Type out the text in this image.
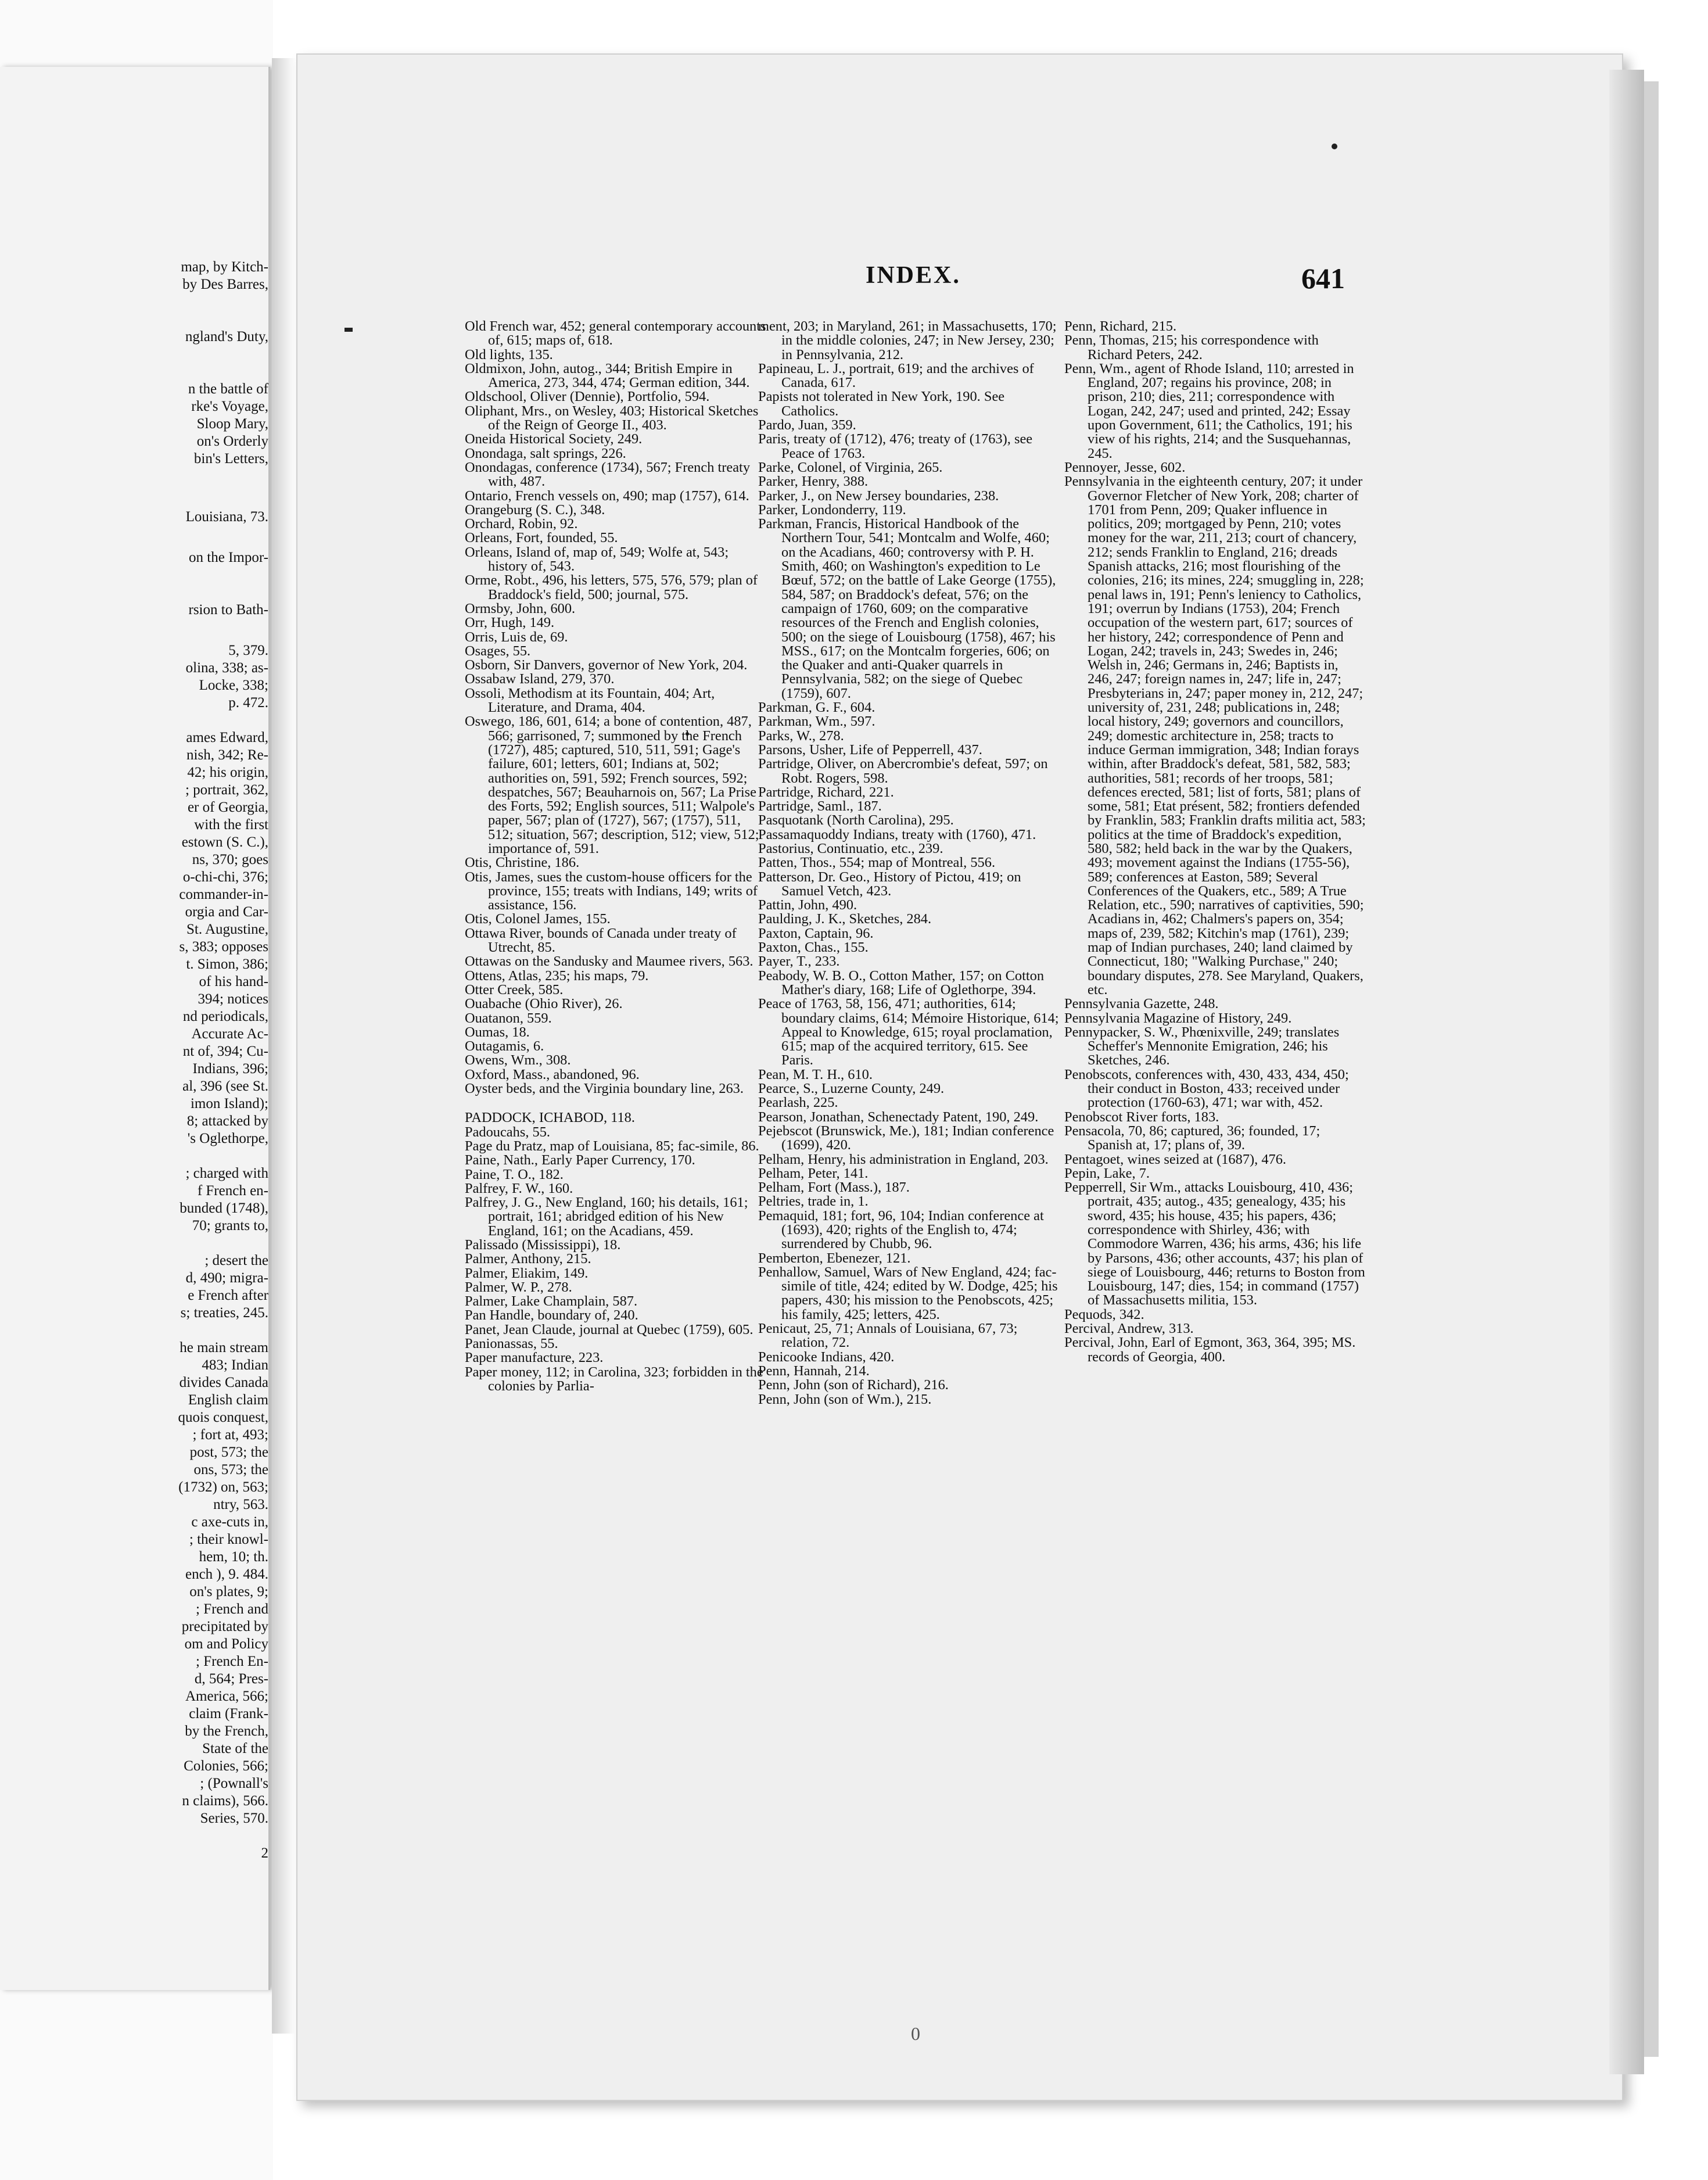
map, by Kitch-
by Des Barres,
ngland's Duty,
n the battle of
rke's Voyage,
Sloop Mary,
on's Orderly
bin's Letters,
Louisiana, 73.
on the Impor-
rsion to Bath-
5, 379.
olina, 338; as-
Locke, 338;
p. 472.
ames Edward,
nish, 342; Re-
42; his origin,
; portrait, 362,
er of Georgia,
with the first
estown (S. C.),
ns, 370; goes
o-chi-chi, 376;
commander-in-
orgia and Car-
St. Augustine,
s, 383; opposes
t. Simon, 386;
of his hand-
394; notices
nd periodicals,
Accurate Ac-
nt of, 394; Cu-
Indians, 396;
al, 396 (see St.
imon Island);
8; attacked by
's Oglethorpe,
; charged with
f French en-
bunded (1748),
70; grants to,
; desert the
d, 490; migra-
e French after
s; treaties, 245.
he main stream
483; Indian
divides Canada
English claim
quois conquest,
; fort at, 493;
post, 573; the
ons, 573; the
(1732) on, 563;
ntry, 563.
c axe-cuts in,
; their knowl-
hem, 10; th.
ench ), 9. 484.
on's plates, 9;
; French and
precipitated by
om and Policy
; French En-
d, 564; Pres-
America, 566;
claim (Frank-
by the French,
State of the
Colonies, 566;
; (Pownall's
n claims), 566.
Series, 570.
2
INDEX.	641
Old French war, 452; general contemporary accounts of, 615; maps of, 618.
Old lights, 135.
Oldmixon, John, autog., 344; British Empire in America, 273, 344, 474; German edition, 344.
Oldschool, Oliver (Dennie), Portfolio, 594.
Oliphant, Mrs., on Wesley, 403; Historical Sketches of the Reign of George II., 403.
Oneida Historical Society, 249.
Onondaga, salt springs, 226.
Onondagas, conference (1734), 567; French treaty with, 487.
Ontario, French vessels on, 490; map (1757), 614.
Orangeburg (S. C.), 348.
Orchard, Robin, 92.
Orleans, Fort, founded, 55.
Orleans, Island of, map of, 549; Wolfe at, 543; history of, 543.
Orme, Robt., 496, his letters, 575, 576, 579; plan of Braddock's field, 500; journal, 575.
Ormsby, John, 600.
Orr, Hugh, 149.
Orris, Luis de, 69.
Osages, 55.
Osborn, Sir Danvers, governor of New York, 204.
Ossabaw Island, 279, 370.
Ossoli, Methodism at its Fountain, 404; Art, Literature, and Drama, 404.
Oswego, 186, 601, 614; a bone of contention, 487, 566; garrisoned, 7; summoned by the French (1727), 485; captured, 510, 511, 591; Gage's failure, 601; letters, 601; Indians at, 502; authorities on, 591, 592; French sources, 592; despatches, 567; Beauharnois on, 567; La Prise des Forts, 592; English sources, 511; Walpole's paper, 567; plan of (1727), 567; (1757), 511, 512; situation, 567; description, 512; view, 512; importance of, 591.
Otis, Christine, 186.
Otis, James, sues the custom-house officers for the province, 155; treats with Indians, 149; writs of assistance, 156.
Otis, Colonel James, 155.
Ottawa River, bounds of Canada under treaty of Utrecht, 85.
Ottawas on the Sandusky and Maumee rivers, 563.
Ottens, Atlas, 235; his maps, 79.
Otter Creek, 585.
Ouabache (Ohio River), 26.
Ouatanon, 559.
Oumas, 18.
Outagamis, 6.
Owens, Wm., 308.
Oxford, Mass., abandoned, 96.
Oyster beds, and the Virginia boundary line, 263.
PADDOCK, ICHABOD, 118.
Padoucahs, 55.
Page du Pratz, map of Louisiana, 85; fac-simile, 86.
Paine, Nath., Early Paper Currency, 170.
Paine, T. O., 182.
Palfrey, F. W., 160.
Palfrey, J. G., New England, 160; his details, 161; portrait, 161; abridged edition of his New England, 161; on the Acadians, 459.
Palissado (Mississippi), 18.
Palmer, Anthony, 215.
Palmer, Eliakim, 149.
Palmer, W. P., 278.
Palmer, Lake Champlain, 587.
Pan Handle, boundary of, 240.
Panet, Jean Claude, journal at Quebec (1759), 605.
Panionassas, 55.
Paper manufacture, 223.
Paper money, 112; in Carolina, 323; forbidden in the colonies by Parlia-
ment, 203; in Maryland, 261; in Massachusetts, 170; in the middle colonies, 247; in New Jersey, 230; in Pennsylvania, 212.
Papineau, L. J., portrait, 619; and the archives of Canada, 617.
Papists not tolerated in New York, 190. See Catholics.
Pardo, Juan, 359.
Paris, treaty of (1712), 476; treaty of (1763), see Peace of 1763.
Parke, Colonel, of Virginia, 265.
Parker, Henry, 388.
Parker, J., on New Jersey boundaries, 238.
Parker, Londonderry, 119.
Parkman, Francis, Historical Handbook of the Northern Tour, 541; Montcalm and Wolfe, 460; on the Acadians, 460; controversy with P. H. Smith, 460; on Washington's expedition to Le Bœuf, 572; on the battle of Lake George (1755), 584, 587; on Braddock's defeat, 576; on the campaign of 1760, 609; on the comparative resources of the French and English colonies, 500; on the siege of Louisbourg (1758), 467; his MSS., 617; on the Montcalm forgeries, 606; on the Quaker and anti-Quaker quarrels in Pennsylvania, 582; on the siege of Quebec (1759), 607.
Parkman, G. F., 604.
Parkman, Wm., 597.
Parks, W., 278.
Parsons, Usher, Life of Pepperrell, 437.
Partridge, Oliver, on Abercrombie's defeat, 597; on Robt. Rogers, 598.
Partridge, Richard, 221.
Partridge, Saml., 187.
Pasquotank (North Carolina), 295.
Passamaquoddy Indians, treaty with (1760), 471.
Pastorius, Continuatio, etc., 239.
Patten, Thos., 554; map of Montreal, 556.
Patterson, Dr. Geo., History of Pictou, 419; on Samuel Vetch, 423.
Pattin, John, 490.
Paulding, J. K., Sketches, 284.
Paxton, Captain, 96.
Paxton, Chas., 155.
Payer, T., 233.
Peabody, W. B. O., Cotton Mather, 157; on Cotton Mather's diary, 168; Life of Oglethorpe, 394.
Peace of 1763, 58, 156, 471; authorities, 614; boundary claims, 614; Mémoire Historique, 614; Appeal to Knowledge, 615; royal proclamation, 615; map of the acquired territory, 615. See Paris.
Pean, M. T. H., 610.
Pearce, S., Luzerne County, 249.
Pearlash, 225.
Pearson, Jonathan, Schenectady Patent, 190, 249.
Pejebscot (Brunswick, Me.), 181; Indian conference (1699), 420.
Pelham, Henry, his administration in England, 203.
Pelham, Peter, 141.
Pelham, Fort (Mass.), 187.
Peltries, trade in, 1.
Pemaquid, 181; fort, 96, 104; Indian conference at (1693), 420; rights of the English to, 474; surrendered by Chubb, 96.
Pemberton, Ebenezer, 121.
Penhallow, Samuel, Wars of New England, 424; fac-simile of title, 424; edited by W. Dodge, 425; his papers, 430; his mission to the Penobscots, 425; his family, 425; letters, 425.
Penicaut, 25, 71; Annals of Louisiana, 67, 73; relation, 72.
Penicooke Indians, 420.
Penn, Hannah, 214.
Penn, John (son of Richard), 216.
Penn, John (son of Wm.), 215.
Penn, Richard, 215.
Penn, Thomas, 215; his correspondence with Richard Peters, 242.
Penn, Wm., agent of Rhode Island, 110; arrested in England, 207; regains his province, 208; in prison, 210; dies, 211; correspondence with Logan, 242, 247; used and printed, 242; Essay upon Government, 611; the Catholics, 191; his view of his rights, 214; and the Susquehannas, 245.
Pennoyer, Jesse, 602.
Pennsylvania in the eighteenth century, 207; it under Governor Fletcher of New York, 208; charter of 1701 from Penn, 209; Quaker influence in politics, 209; mortgaged by Penn, 210; votes money for the war, 211, 213; court of chancery, 212; sends Franklin to England, 216; dreads Spanish attacks, 216; most flourishing of the colonies, 216; its mines, 224; smuggling in, 228; penal laws in, 191; Penn's leniency to Catholics, 191; overrun by Indians (1753), 204; French occupation of the western part, 617; sources of her history, 242; correspondence of Penn and Logan, 242; travels in, 243; Swedes in, 246; Welsh in, 246; Germans in, 246; Baptists in, 246, 247; foreign names in, 247; life in, 247; Presbyterians in, 247; paper money in, 212, 247; university of, 231, 248; publications in, 248; local history, 249; governors and councillors, 249; domestic architecture in, 258; tracts to induce German immigration, 348; Indian forays within, after Braddock's defeat, 581, 582, 583; authorities, 581; records of her troops, 581; defences erected, 581; list of forts, 581; plans of some, 581; Etat présent, 582; frontiers defended by Franklin, 583; Franklin drafts militia act, 583; politics at the time of Braddock's expedition, 580, 582; held back in the war by the Quakers, 493; movement against the Indians (1755-56), 589; conferences at Easton, 589; Several Conferences of the Quakers, etc., 589; A True Relation, etc., 590; narratives of captivities, 590; Acadians in, 462; Chalmers's papers on, 354; maps of, 239, 582; Kitchin's map (1761), 239; map of Indian purchases, 240; land claimed by Connecticut, 180; "Walking Purchase," 240; boundary disputes, 278. See Maryland, Quakers, etc.
Pennsylvania Gazette, 248.
Pennsylvania Magazine of History, 249.
Pennypacker, S. W., Phœnixville, 249; translates Scheffer's Mennonite Emigration, 246; his Sketches, 246.
Penobscots, conferences with, 430, 433, 434, 450; their conduct in Boston, 433; received under protection (1760-63), 471; war with, 452.
Penobscot River forts, 183.
Pensacola, 70, 86; captured, 36; founded, 17; Spanish at, 17; plans of, 39.
Pentagoet, wines seized at (1687), 476.
Pepin, Lake, 7.
Pepperrell, Sir Wm., attacks Louisbourg, 410, 436; portrait, 435; autog., 435; genealogy, 435; his sword, 435; his house, 435; his papers, 436; correspondence with Shirley, 436; with Commodore Warren, 436; his arms, 436; his life by Parsons, 436; other accounts, 437; his plan of siege of Louisbourg, 446; returns to Boston from Louisbourg, 147; dies, 154; in command (1757) of Massachusetts militia, 153.
Pequods, 342.
Percival, Andrew, 313.
Percival, John, Earl of Egmont, 363, 364, 395; MS. records of Georgia, 400.
0
